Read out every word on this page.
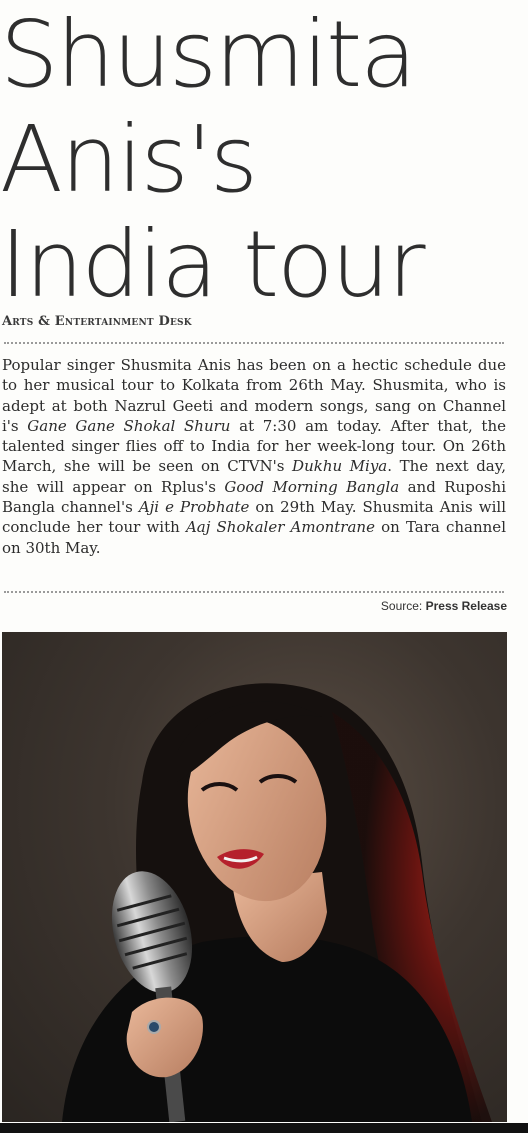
Shusmita
Anis's
India tour
Arts & Entertainment Desk

Popular singer Shusmita Anis has been on a hectic schedule due to her musical tour to Kolkata from 26th May. Shusmita, who is adept at both Nazrul Geeti and modern songs, sang on Channel i's Gane Gane Shokal Shuru at 7:30 am today. After that, the talented singer flies off to India for her week-long tour. On 26th March, she will be seen on CTVN's Dukhu Miya. The next day, she will appear on Rplus's Good Morning Bangla and Ruposhi Bangla channel's Aji e Probhate on 29th May. Shusmita Anis will conclude her tour with Aaj Shokaler Amontrane on Tara channel on 30th May.

Source: Press Release
